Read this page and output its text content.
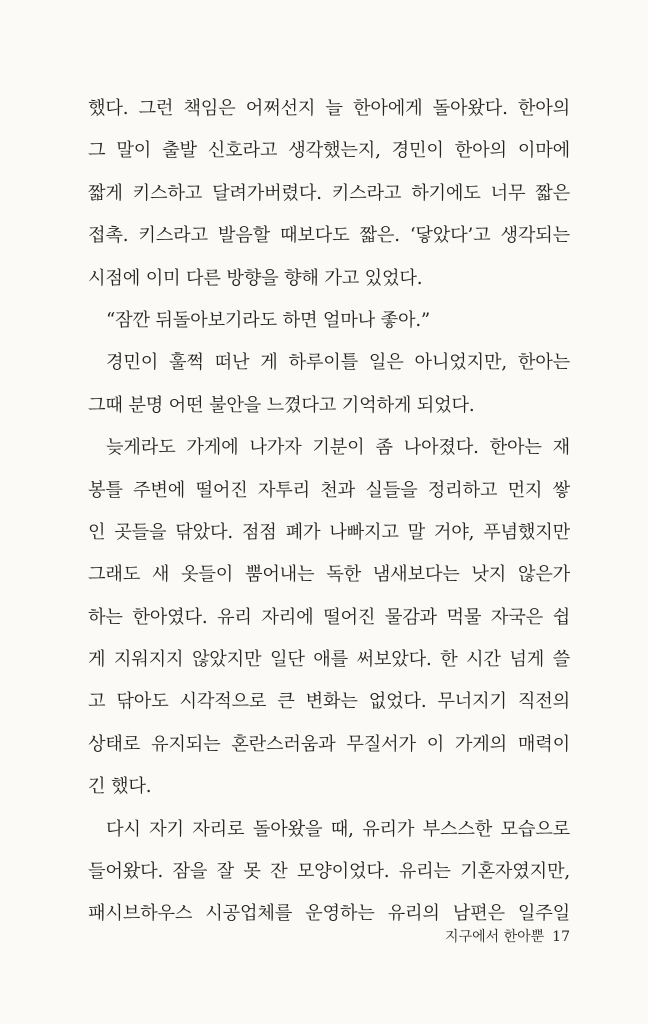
했다. 그런 책임은 어쩌선지 늘 한아에게 돌아왔다. 한아의
그 말이 출발 신호라고 생각했는지, 경민이 한아의 이마에
짧게 키스하고 달려가버렸다. 키스라고 하기에도 너무 짧은
접촉. 키스라고 발음할 때보다도 짧은. ‘닿았다’고 생각되는
시점에 이미 다른 방향을 향해 가고 있었다.
“잠깐 뒤돌아보기라도 하면 얼마나 좋아.”
경민이 훌쩍 떠난 게 하루이틀 일은 아니었지만, 한아는
그때 분명 어떤 불안을 느꼈다고 기억하게 되었다.
늦게라도 가게에 나가자 기분이 좀 나아졌다. 한아는 재
봉틀 주변에 떨어진 자투리 천과 실들을 정리하고 먼지 쌓
인 곳들을 닦았다. 점점 폐가 나빠지고 말 거야, 푸념했지만
그래도 새 옷들이 뿜어내는 독한 냄새보다는 낫지 않은가
하는 한아였다. 유리 자리에 떨어진 물감과 먹물 자국은 쉽
게 지워지지 않았지만 일단 애를 써보았다. 한 시간 넘게 쓸
고 닦아도 시각적으로 큰 변화는 없었다. 무너지기 직전의
상태로 유지되는 혼란스러움과 무질서가 이 가게의 매력이
긴 했다.
다시 자기 자리로 돌아왔을 때, 유리가 부스스한 모습으로
들어왔다. 잠을 잘 못 잔 모양이었다. 유리는 기혼자였지만,
패시브하우스 시공업체를 운영하는 유리의 남편은 일주일
지구에서 한아뿐 17
